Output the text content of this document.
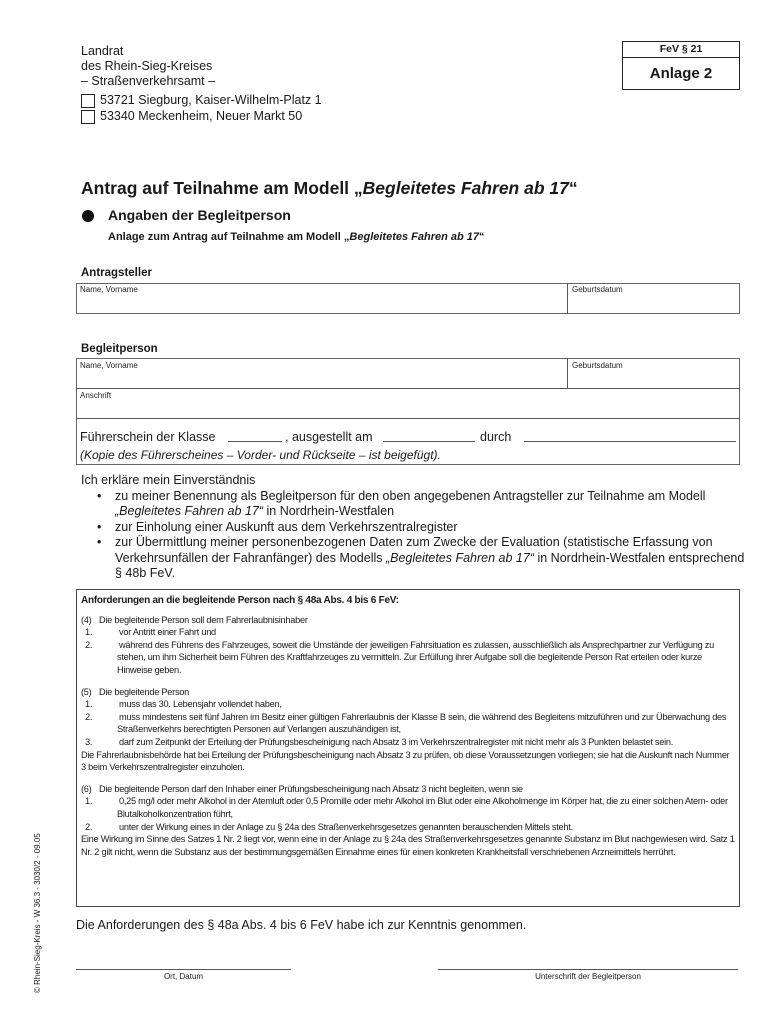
Landrat
des Rhein-Sieg-Kreises
– Straßenverkehrsamt –
FeV § 21
Anlage 2
53721 Siegburg, Kaiser-Wilhelm-Platz 1
53340 Meckenheim, Neuer Markt 50
Antrag auf Teilnahme am Modell „Begleitetes Fahren ab 17“
Angaben der Begleitperson
Anlage zum Antrag auf Teilnahme am Modell „Begleitetes Fahren ab 17“
Antragsteller
Name, Vorname	Geburtsdatum
Begleitperson
Name, Vorname	Geburtsdatum
Anschrift
Führerschein der Klasse	, ausgestellt am	durch
(Kopie des Führerscheines – Vorder- und Rückseite – ist beigefügt).
Ich erkläre mein Einverständnis
• zu meiner Benennung als Begleitperson für den oben angegebenen Antragsteller zur Teilnahme am Modell
„Begleitetes Fahren ab 17“ in Nordrhein-Westfalen
• zur Einholung einer Auskunft aus dem Verkehrszentralregister
• zur Übermittlung meiner personenbezogenen Daten zum Zwecke der Evaluation (statistische Erfassung von Verkehrsunfällen der Fahranfänger) des Modells „Begleitetes Fahren ab 17“ in Nordrhein-Westfalen entsprechend § 48b FeV.
Anforderungen an die begleitende Person nach § 48a Abs. 4 bis 6 FeV:
(4) Die begleitende Person soll dem Fahrerlaubnisinhaber
1.	vor Antritt einer Fahrt und
2.	während des Führens des Fahrzeuges, soweit die Umstände der jeweiligen Fahrsituation es zulassen, ausschließlich als Ansprechpartner zur Verfügung zu stehen, um ihm Sicherheit beim Führen des Kraftfahrzeuges zu vermitteln. Zur Erfüllung ihrer Aufgabe soll die begleitende Person Rat erteilen oder kurze Hinweise geben.
(5) Die begleitende Person
1.	muss das 30. Lebensjahr vollendet haben,
2.	muss mindestens seit fünf Jahren im Besitz einer gültigen Fahrerlaubnis der Klasse B sein, die während des Begleitens mitzuführen und zur Überwachung des Straßenverkehrs berechtigten Personen auf Verlangen auszuhändigen ist,
3.	darf zum Zeitpunkt der Erteilung der Prüfungsbescheinigung nach Absatz 3 im Verkehrszentralregister mit nicht mehr als 3 Punkten belastet sein.
Die Fahrerlaubnisbehörde hat bei Erteilung der Prüfungsbescheinigung nach Absatz 3 zu prüfen, ob diese Voraussetzungen vorliegen; sie hat die Auskunft nach Nummer 3 beim Verkehrszentralregister einzuholen.
(6) Die begleitende Person darf den Inhaber einer Prüfungsbescheinigung nach Absatz 3 nicht begleiten, wenn sie
1.	0,25 mg/l oder mehr Alkohol in der Atemluft oder 0,5 Promille oder mehr Alkohol im Blut oder eine Alkoholmenge im Körper hat, die zu einer solchen Atem- oder Blutalkoholkonzentration führt,
2.	unter der Wirkung eines in der Anlage zu § 24a des Straßenverkehrsgesetzes genannten berauschenden Mittels steht.
Eine Wirkung im Sinne des Satzes 1 Nr. 2 liegt vor, wenn eine in der Anlage zu § 24a des Straßenverkehrsgesetzes genannte Substanz im Blut nachgewiesen wird. Satz 1 Nr. 2 gilt nicht, wenn die Substanz aus der bestimmungsgemäßen Einnahme eines für einen konkreten Krankheitsfall verschriebenen Arzneimittels herrührt.
Die Anforderungen des § 48a Abs. 4 bis 6 FeV habe ich zur Kenntnis genommen.
Ort, Datum	Unterschrift der Begleitperson
© Rhein-Sieg-Kreis - W 36.3 - 3030/2 - 09.05
